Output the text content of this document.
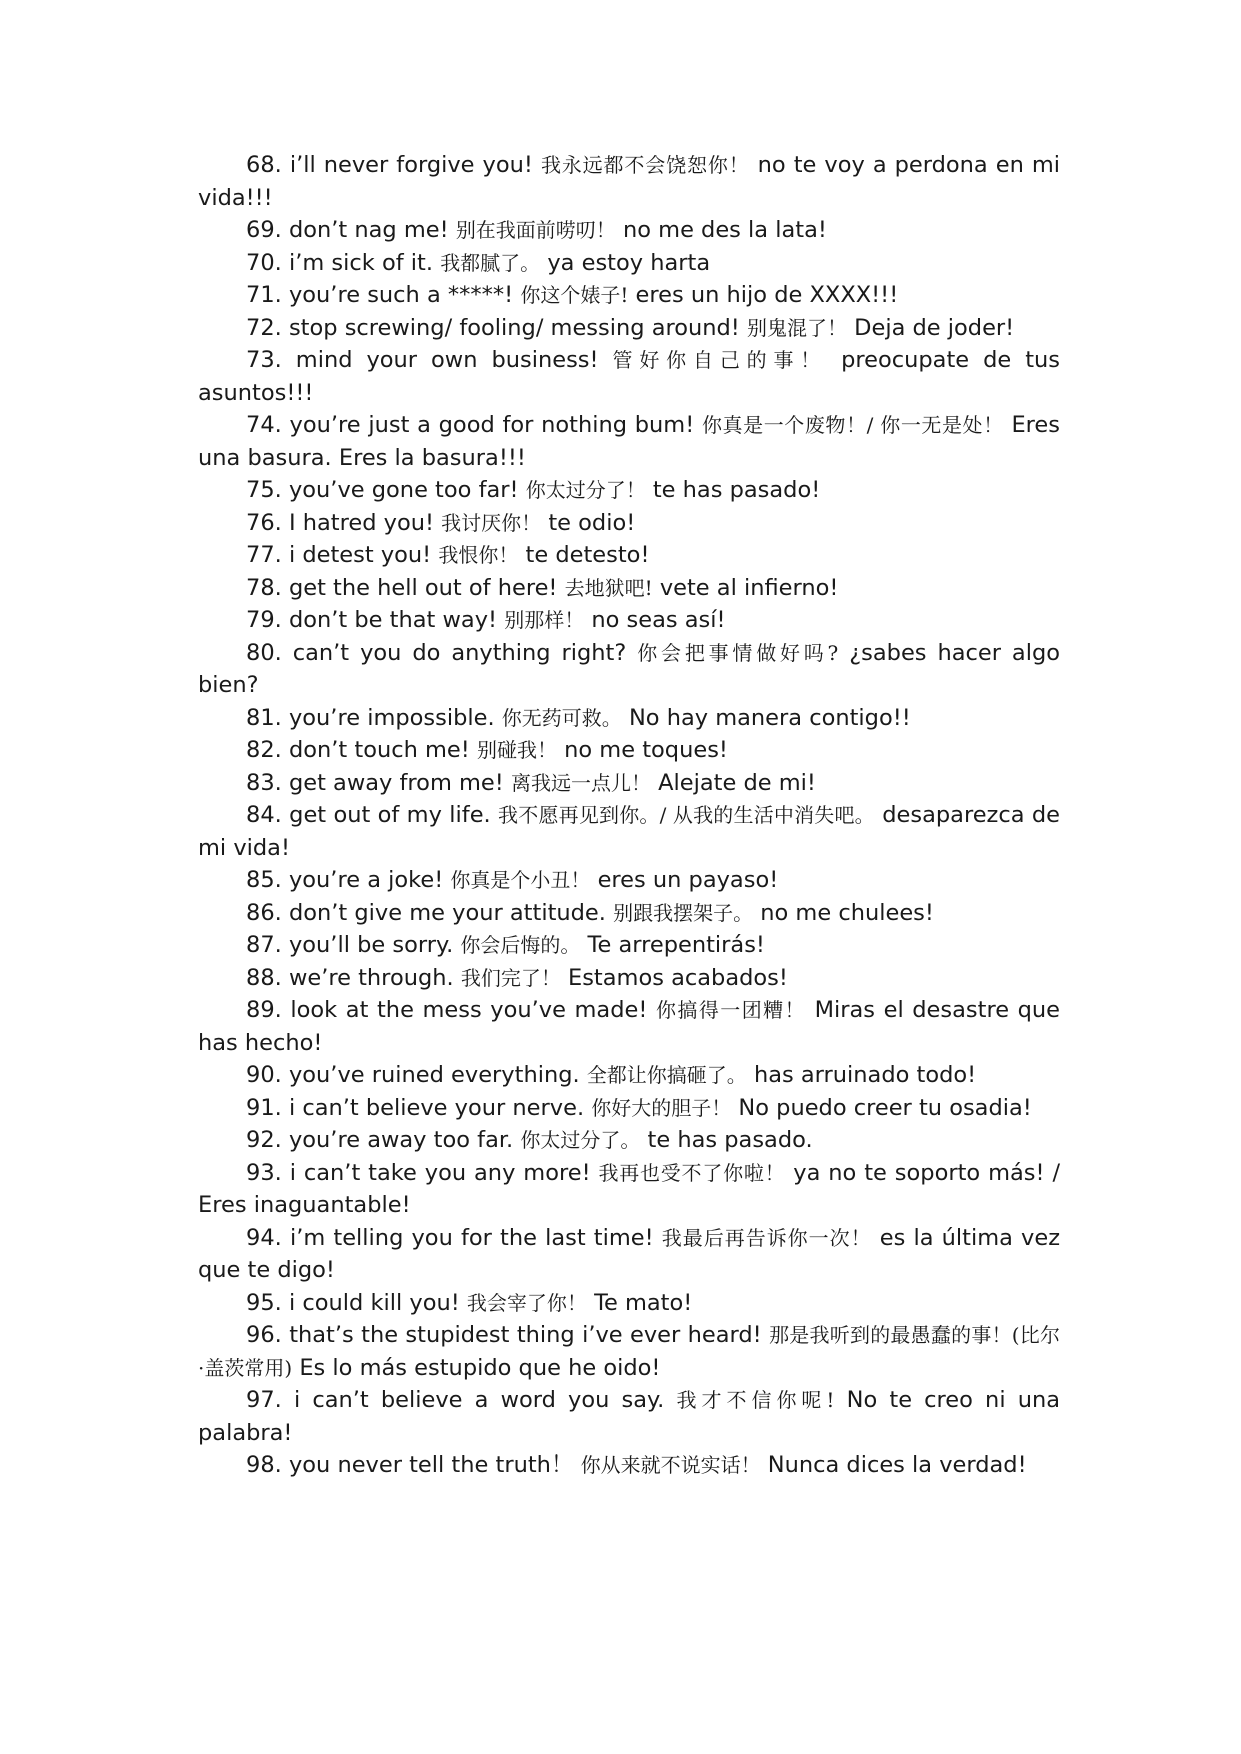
68. i’ll never forgive you! 我永远都不会饶恕你！ no te voy a perdona en mi vida!!!

69. don’t nag me! 别在我面前唠叨！ no me des la lata!

70. i’m sick of it. 我都腻了。 ya estoy harta

71. you’re such a *****! 你这个婊子! eres un hijo de XXXX!!!

72. stop screwing/ fooling/ messing around! 别鬼混了！ Deja de joder!

73. mind your own business! 管好你自己的事！ preocupate de tus asuntos!!!

74. you’re just a good for nothing bum! 你真是一个废物！/ 你一无是处！ Eres una basura. Eres la basura!!!

75. you’ve gone too far! 你太过分了！ te has pasado!

76. I hatred you! 我讨厌你！ te odio!

77. i detest you! 我恨你！ te detesto!

78. get the hell out of here! 去地狱吧! vete al infierno!

79. don’t be that way! 别那样！ no seas así!

80. can’t you do anything right? 你会把事情做好吗? ¿sabes hacer algo bien?

81. you’re impossible. 你无药可救。 No hay manera contigo!!

82. don’t touch me! 别碰我！ no me toques!

83. get away from me! 离我远一点儿！ Alejate de mi!

84. get out of my life. 我不愿再见到你。/ 从我的生活中消失吧。 desaparezca de mi vida!

85. you’re a joke! 你真是个小丑！ eres un payaso!

86. don’t give me your attitude. 别跟我摆架子。 no me chulees!

87. you’ll be sorry. 你会后悔的。 Te arrepentirás!

88. we’re through. 我们完了！ Estamos acabados!

89. look at the mess you’ve made! 你搞得一团糟！ Miras el desastre que has hecho!

90. you’ve ruined everything. 全都让你搞砸了。 has arruinado todo!

91. i can’t believe your nerve. 你好大的胆子！ No puedo creer tu osadia!

92. you’re away too far. 你太过分了。 te has pasado.

93. i can’t take you any more! 我再也受不了你啦！ ya no te soporto más! / Eres inaguantable!

94. i’m telling you for the last time! 我最后再告诉你一次！ es la última vez que te digo!

95. i could kill you! 我会宰了你！ Te mato!

96. that’s the stupidest thing i’ve ever heard! 那是我听到的最愚蠢的事！(比尔·盖茨常用) Es lo más estupido que he oido!

97. i can’t believe a word you say. 我才不信你呢! No te creo ni una palabra!

98. you never tell the truth！ 你从来就不说实话！ Nunca dices la verdad!
